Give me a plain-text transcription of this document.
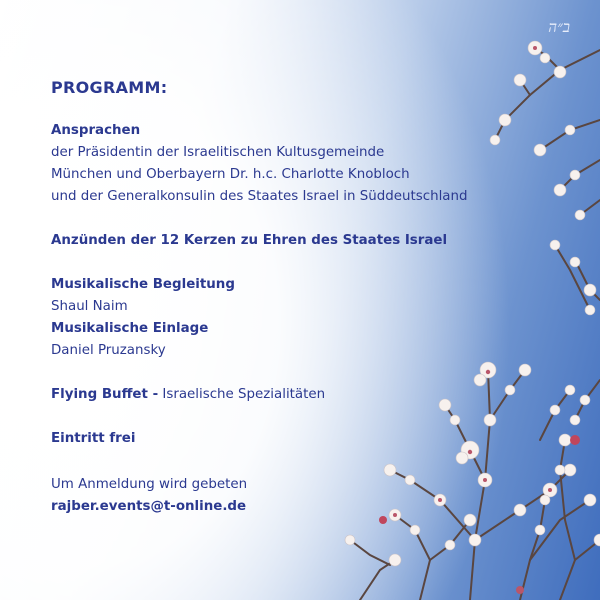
ב״ה
PROGRAMM:
Ansprachen
der Präsidentin der Israelitischen Kultusgemeinde
München und Oberbayern Dr. h.c. Charlotte Knobloch
und der Generalkonsulin des Staates Israel in Süddeutschland
Anzünden der 12 Kerzen zu Ehren des Staates Israel
Musikalische Begleitung
Shaul Naim
Musikalische Einlage
Daniel Pruzansky
Flying Buffet - Israelische Spezialitäten
Eintritt frei
Um Anmeldung wird gebeten
rajber.events@t-online.de
